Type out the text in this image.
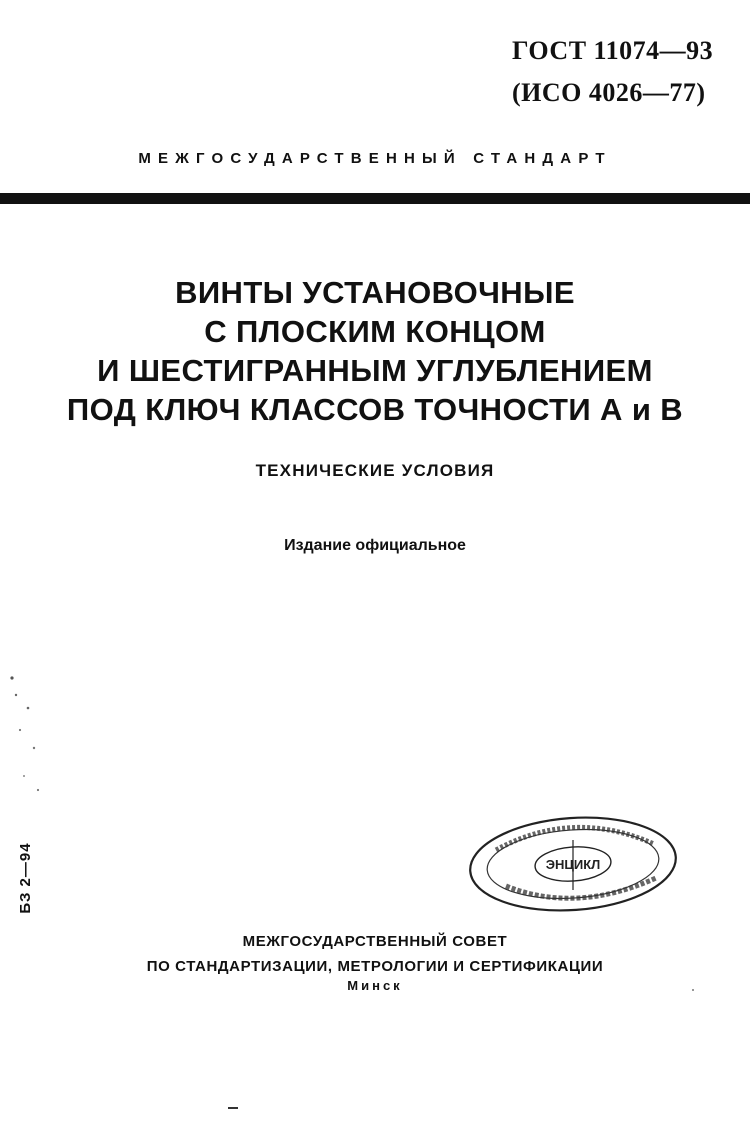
ГОСТ 11074—93
(ИСО 4026—77)
МЕЖГОСУДАРСТВЕННЫЙ СТАНДАРТ
ВИНТЫ УСТАНОВОЧНЫЕ
С ПЛОСКИМ КОНЦОМ
И ШЕСТИГРАННЫМ УГЛУБЛЕНИЕМ
ПОД КЛЮЧ КЛАССОВ ТОЧНОСТИ А и В
ТЕХНИЧЕСКИЕ УСЛОВИЯ
Издание официальное
БЗ 2—94	ЭНЦИКЛ
МЕЖГОСУДАРСТВЕННЫЙ СОВЕТ
ПО СТАНДАРТИЗАЦИИ, МЕТРОЛОГИИ И СЕРТИФИКАЦИИ
Минск
